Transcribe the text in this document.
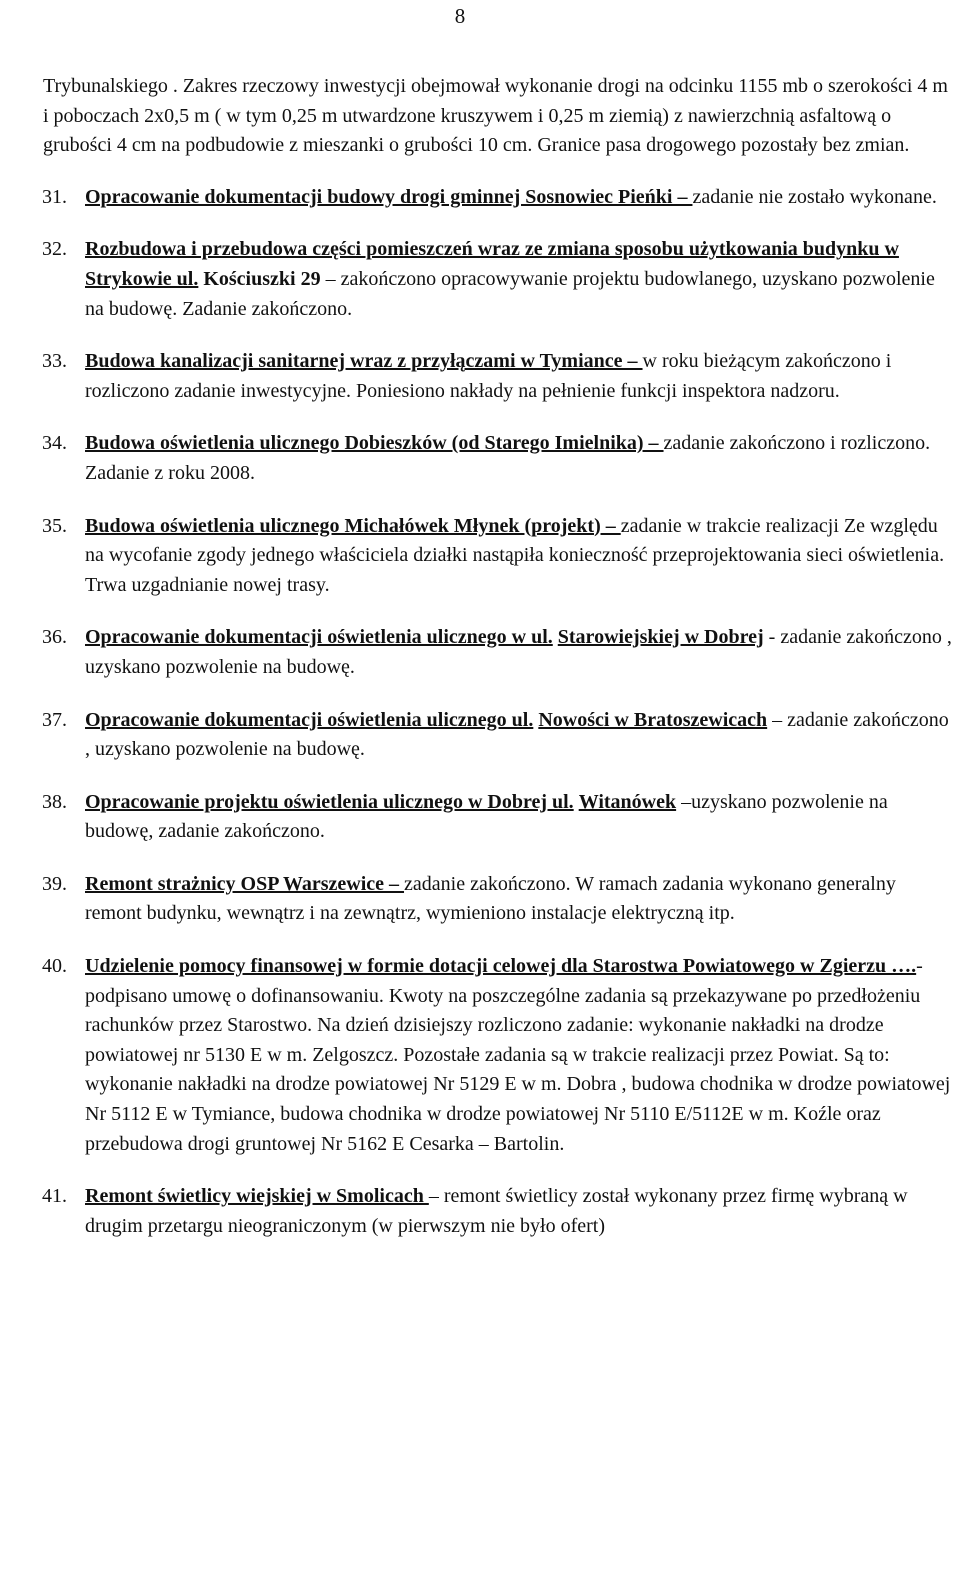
8

Trybunalskiego . Zakres rzeczowy inwestycji obejmował wykonanie drogi na odcinku 1155 mb o szerokości 4 m i poboczach 2x0,5 m ( w tym 0,25 m utwardzone kruszywem i 0,25 m ziemią) z nawierzchnią asfaltową o grubości 4 cm na podbudowie z mieszanki o grubości 10 cm. Granice pasa drogowego pozostały bez zmian.

31. Opracowanie dokumentacji budowy drogi gminnej Sosnowiec Pieńki – zadanie nie zostało wykonane.
32. Rozbudowa i przebudowa części pomieszczeń wraz ze zmiana sposobu użytkowania budynku w Strykowie ul. Kościuszki 29 – zakończono opracowywanie projektu budowlanego, uzyskano pozwolenie na budowę. Zadanie zakończono.
33. Budowa kanalizacji sanitarnej wraz z przyłączami w Tymiance – w roku bieżącym zakończono i rozliczono zadanie inwestycyjne. Poniesiono nakłady na pełnienie funkcji inspektora nadzoru.
34. Budowa oświetlenia ulicznego Dobieszków (od Starego Imielnika) – zadanie zakończono i rozliczono. Zadanie z roku 2008.
35. Budowa oświetlenia ulicznego Michałówek Młynek (projekt) – zadanie w trakcie realizacji Ze względu na wycofanie zgody jednego właściciela działki nastąpiła konieczność przeprojektowania sieci oświetlenia. Trwa uzgadnianie nowej trasy.
36. Opracowanie dokumentacji oświetlenia ulicznego w ul. Starowiejskiej w Dobrej - zadanie zakończono , uzyskano pozwolenie na budowę.
37. Opracowanie dokumentacji oświetlenia ulicznego ul. Nowości w Bratoszewicach – zadanie zakończono , uzyskano pozwolenie na budowę.
38. Opracowanie projektu oświetlenia ulicznego w Dobrej ul. Witanówek –uzyskano pozwolenie na budowę, zadanie zakończono.
39. Remont strażnicy OSP Warszewice – zadanie zakończono. W ramach zadania wykonano generalny remont budynku, wewnątrz i na zewnątrz, wymieniono instalacje elektryczną itp.
40. Udzielenie pomocy finansowej w formie dotacji celowej dla Starostwa Powiatowego w Zgierzu ….- podpisano umowę o dofinansowaniu. Kwoty na poszczególne zadania są przekazywane po przedłożeniu rachunków przez Starostwo. Na dzień dzisiejszy rozliczono zadanie: wykonanie nakładki na drodze powiatowej nr 5130 E w m. Zelgoszcz. Pozostałe zadania są w trakcie realizacji przez Powiat. Są to: wykonanie nakładki na drodze powiatowej Nr 5129 E w m. Dobra , budowa chodnika w drodze powiatowej Nr 5112 E w Tymiance, budowa chodnika w drodze powiatowej Nr 5110 E/5112E w m. Koźle oraz przebudowa drogi gruntowej Nr 5162 E Cesarka – Bartolin.
41. Remont świetlicy wiejskiej w Smolicach – remont świetlicy został wykonany przez firmę wybraną w drugim przetargu nieograniczonym (w pierwszym nie było ofert)
